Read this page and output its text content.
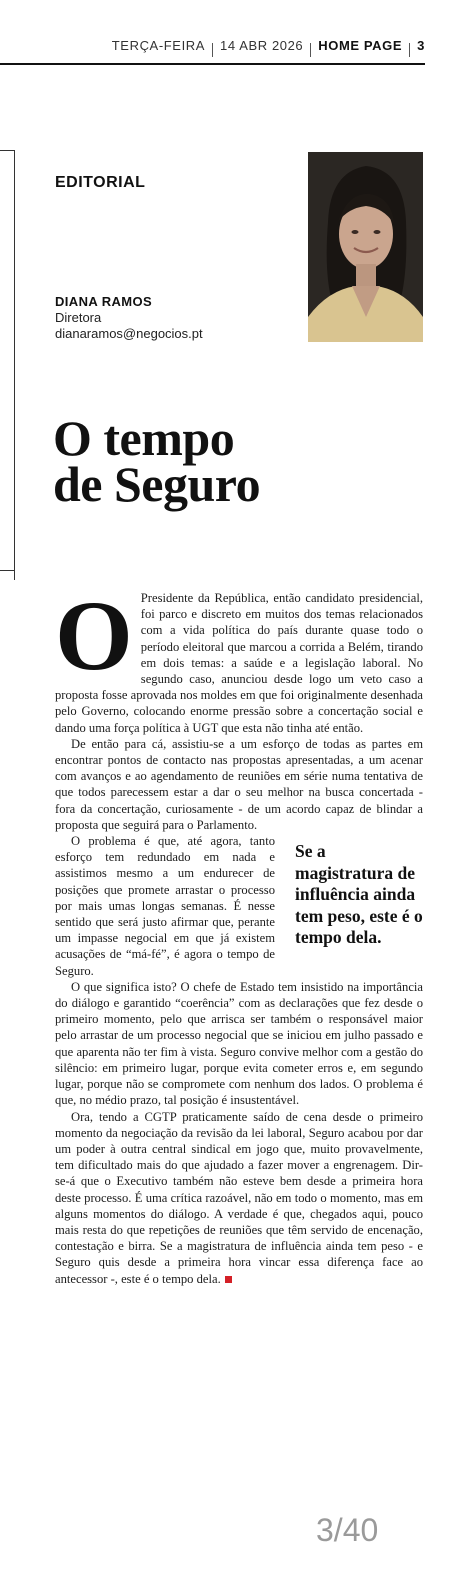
TERÇA-FEIRA 14 ABR 2026 HOME PAGE 3
EDITORIAL
DIANA RAMOS
Diretora
dianaramos@negocios.pt
O tempo
de Seguro
O Presidente da República, então candidato presidencial, foi parco e discreto em muitos dos temas relacionados com a vida política do país durante quase todo o período eleitoral que marcou a corrida a Belém, tirando em dois temas: a saúde e a legislação laboral. No segundo caso, anunciou desde logo um veto caso a proposta fosse aprovada nos moldes em que foi originalmente desenhada pelo Governo, colocando enorme pressão sobre a concertação social e dando uma força política à UGT que esta não tinha até então.

De então para cá, assistiu-se a um esforço de todas as partes em encontrar pontos de contacto nas propostas apresentadas, a um acenar com avanços e ao agendamento de reuniões em série numa tentativa de que todos parecessem estar a dar o seu melhor na busca concertada - fora da concertação, curiosamente - de um acordo capaz de blindar a proposta que seguirá para o Parlamento.

Se a magistratura de influência ainda tem peso, este é o tempo dela.

O problema é que, até agora, tanto esforço tem redundado em nada e assistimos mesmo a um endurecer de posições que promete arrastar o processo por mais umas longas semanas. É nesse sentido que será justo afirmar que, perante um impasse negocial em que já existem acusações de “má-fé”, é agora o tempo de Seguro.

O que significa isto? O chefe de Estado tem insistido na importância do diálogo e garantido “coerência” com as declarações que fez desde o primeiro momento, pelo que arrisca ser também o responsável maior pelo arrastar de um processo negocial que se iniciou em julho passado e que aparenta não ter fim à vista. Seguro convive melhor com a gestão do silêncio: em primeiro lugar, porque evita cometer erros e, em segundo lugar, porque não se compromete com nenhum dos lados. O problema é que, no médio prazo, tal posição é insustentável.

Ora, tendo a CGTP praticamente saído de cena desde o primeiro momento da negociação da revisão da lei laboral, Seguro acabou por dar um poder à outra central sindical em jogo que, muito provavelmente, tem dificultado mais do que ajudado a fazer mover a engrenagem. Dir-se-á que o Executivo também não esteve bem desde a primeira hora deste processo. É uma crítica razoável, não em todo o momento, mas em alguns momentos do diálogo. A verdade é que, chegados aqui, pouco mais resta do que repetições de reuniões que têm servido de encenação, contestação e birra. Se a magistratura de influência ainda tem peso - e Seguro quis desde a primeira hora vincar essa diferença face ao antecessor -, este é o tempo dela.

3/40
